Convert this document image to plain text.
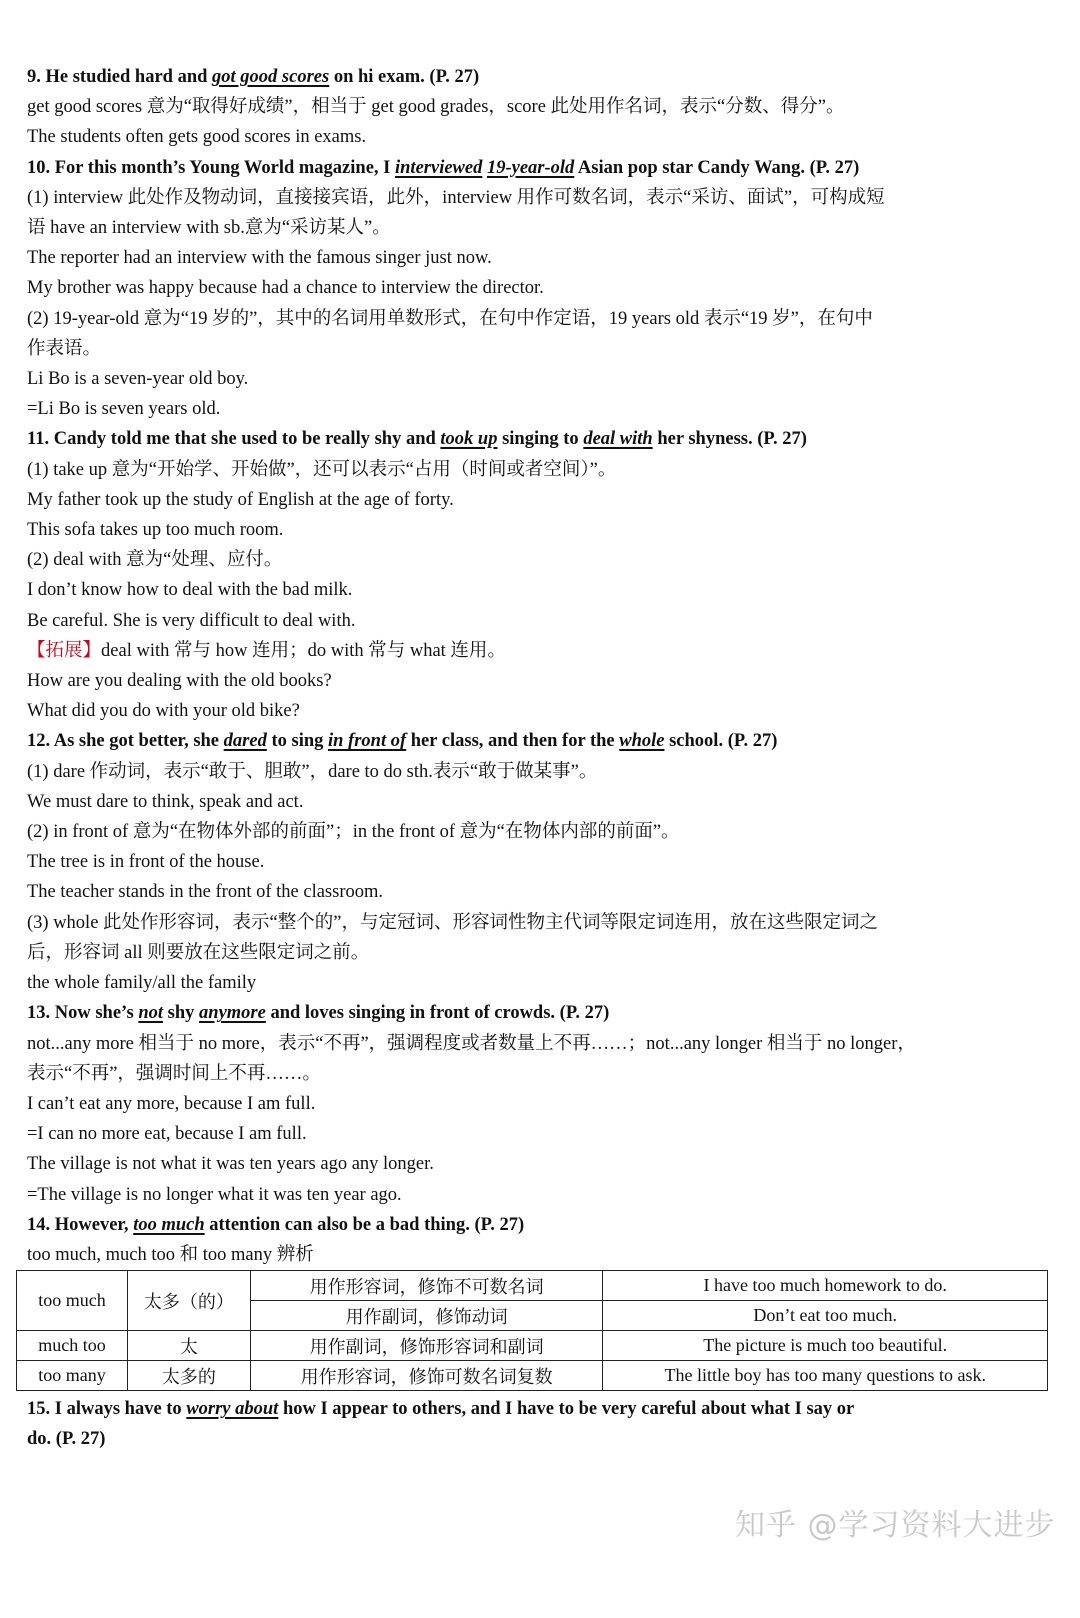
9. He studied hard and got good scores on hi exam. (P. 27)
get good scores 意为“取得好成绩”，相当于 get good grades，score 此处用作名词，表示“分数、得分”。
The students often gets good scores in exams.
10. For this month’s Young World magazine, I interviewed 19-year-old Asian pop star Candy Wang. (P. 27)
(1) interview 此处作及物动词，直接接宾语，此外，interview 用作可数名词，表示“采访、面试”，可构成短
语 have an interview with sb.意为“采访某人”。
The reporter had an interview with the famous singer just now.
My brother was happy because had a chance to interview the director.
(2) 19-year-old 意为“19 岁的”，其中的名词用单数形式，在句中作定语，19 years old 表示“19 岁”，在句中
作表语。
Li Bo is a seven-year old boy.
=Li Bo is seven years old.
11. Candy told me that she used to be really shy and took up singing to deal with her shyness. (P. 27)
(1) take up 意为“开始学、开始做”，还可以表示“占用（时间或者空间）”。
My father took up the study of English at the age of forty.
This sofa takes up too much room.
(2) deal with 意为“处理、应付。
I don’t know how to deal with the bad milk.
Be careful. She is very difficult to deal with.
【拓展】deal with 常与 how 连用；do with 常与 what 连用。
How are you dealing with the old books?
What did you do with your old bike?
12. As she got better, she dared to sing in front of her class, and then for the whole school. (P. 27)
(1) dare 作动词，表示“敢于、胆敢”，dare to do sth.表示“敢于做某事”。
We must dare to think, speak and act.
(2) in front of 意为“在物体外部的前面”；in the front of 意为“在物体内部的前面”。
The tree is in front of the house.
The teacher stands in the front of the classroom.
(3) whole 此处作形容词，表示“整个的”，与定冠词、形容词性物主代词等限定词连用，放在这些限定词之
后，形容词 all 则要放在这些限定词之前。
the whole family/all the family
13. Now she’s not shy anymore and loves singing in front of crowds. (P. 27)
not...any more 相当于 no more，表示“不再”，强调程度或者数量上不再……；not...any longer 相当于 no longer，
表示“不再”，强调时间上不再……。
I can’t eat any more, because I am full.
=I can no more eat, because I am full.
The village is not what it was ten years ago any longer.
=The village is no longer what it was ten year ago.
14. However, too much attention can also be a bad thing. (P. 27)
too much, much too 和 too many 辨析
too much	太多（的）	用作形容词，修饰不可数名词	I have too much homework to do.
		用作副词，修饰动词	Don’t eat too much.
much too	太	用作副词，修饰形容词和副词	The picture is much too beautiful.
too many	太多的	用作形容词，修饰可数名词复数	The little boy has too many questions to ask.
15. I always have to worry about how I appear to others, and I have to be very careful about what I say or
do. (P. 27)
知乎 @学习资料大进步
